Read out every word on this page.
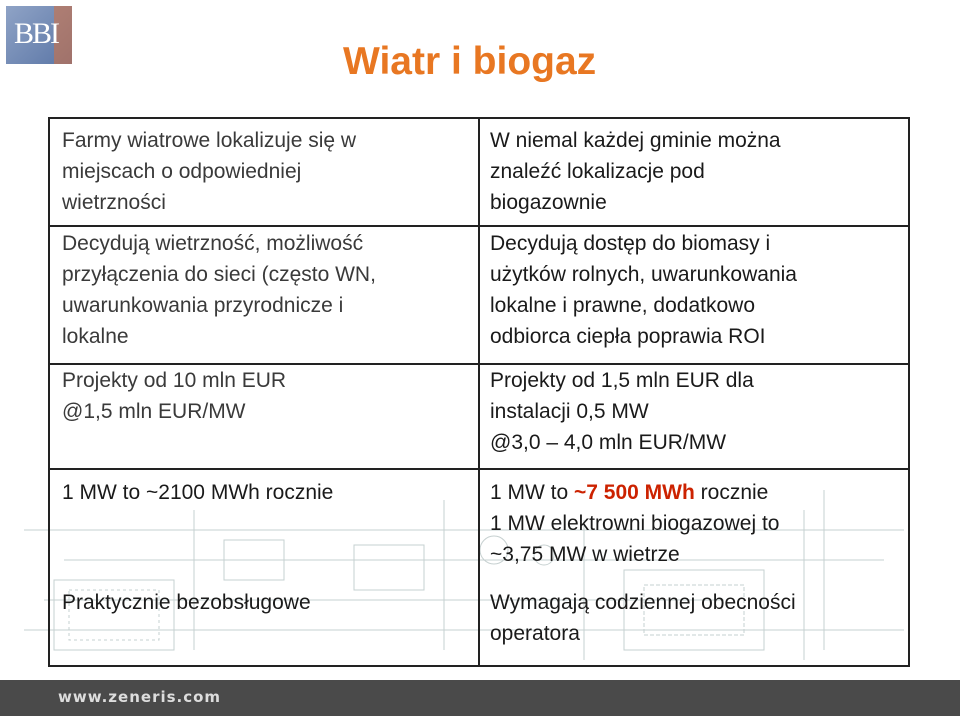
BBI
Wiatr i biogaz
Farmy wiatrowe lokalizuje się w
miejscach o odpowiedniej
wietrzności
W niemal każdej gminie można
znaleźć lokalizacje pod
biogazownie
Decydują wietrzność, możliwość
przyłączenia do sieci (często WN,
uwarunkowania przyrodnicze i
lokalne
Decydują dostęp do biomasy i
użytków rolnych, uwarunkowania
lokalne i prawne, dodatkowo
odbiorca ciepła poprawia ROI
Projekty od 10 mln EUR
@1,5 mln EUR/MW
Projekty od 1,5 mln EUR dla
instalacji 0,5 MW
@3,0 – 4,0 mln EUR/MW
1 MW to ~2100 MWh rocznie	1 MW to ~7 500 MWh rocznie
1 MW elektrowni biogazowej to
~3,75 MW w wietrze
Praktycznie bezobsługowe	Wymagają codziennej obecności
operatora
www.zeneris.com
